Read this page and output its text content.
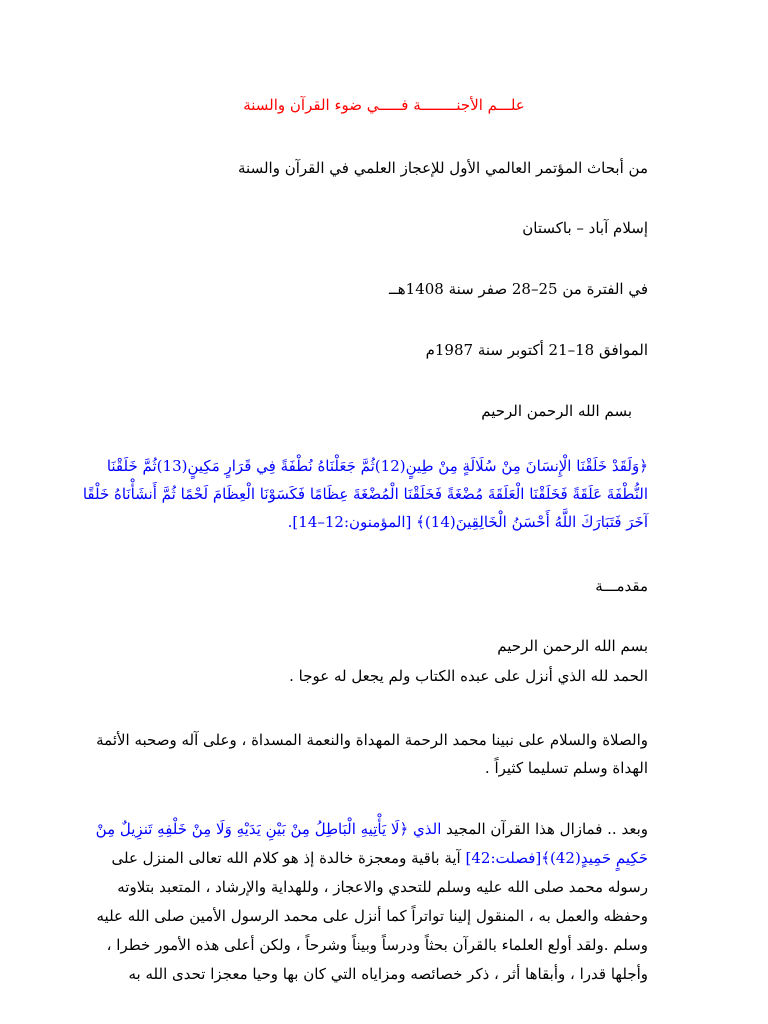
علـــم الأجنــــــــة فـــــي ضوء القرآن والسنة
من أبحاث المؤتمر العالمي الأول للإعجاز العلمي في القرآن والسنة
إسلام آباد – باكستان
في الفترة من 25–28 صفر سنة 1408هــ
الموافق 18–21 أكتوبر سنة 1987م
بسم الله الرحمن الرحيم
﴿وَلَقَدْ خَلَقْنَا الْإِنسَانَ مِنْ سُلَالَةٍ مِنْ طِينٍ(12)ثُمَّ جَعَلْنَاهُ نُطْفَةً فِي قَرَارٍ مَكِينٍ(13)ثُمَّ خَلَقْنَا
النُّطْفَةَ عَلَقَةً فَخَلَقْنَا الْعَلَقَةَ مُضْغَةً فَخَلَقْنَا الْمُضْغَةَ عِظَامًا فَكَسَوْنَا الْعِظَامَ لَحْمًا ثُمَّ أَنشَأْنَاهُ خَلْقًا
آخَرَ فَتَبَارَكَ اللَّهُ أَحْسَنُ الْخَالِقِينَ(14)﴾ [المؤمنون:12–14].
مقدمـــة
بسم الله الرحمن الرحيم
الحمد لله الذي أنزل على عبده الكتاب ولم يجعل له عوجا .
والصلاة والسلام على نبينا محمد الرحمة المهداة والنعمة المسداة ، وعلى آله وصحبه الأئمة
الهداة وسلم تسليما كثيراً .
وبعد .. فمازال هذا القرآن المجيد الذي ﴿لَا يَأْتِيهِ الْبَاطِلُ مِنْ بَيْنِ يَدَيْهِ وَلَا مِنْ خَلْفِهِ تَنزِيلٌ مِنْ
حَكِيمٍ حَمِيدٍ(42)﴾[فصلت:42] آية باقية ومعجزة خالدة إذ هو كلام الله تعالى المنزل على
رسوله محمد صلى الله عليه وسلم للتحدي والاعجاز ، وللهداية والإرشاد ، المتعبد بتلاوته
وحفظه والعمل به ، المنقول إلينا تواتراً كما أنزل على محمد الرسول الأمين صلى الله عليه
وسلم .ولقد أولع العلماء بالقرآن بحثاً ودرساً وبيناً وشرحاً ، ولكن أعلى هذه الأمور خطرا ،
وأجلها قدرا ، وأبقاها أثر ، ذكر خصائصه ومزاياه التي كان بها وحيا معجزا تحدى الله به
